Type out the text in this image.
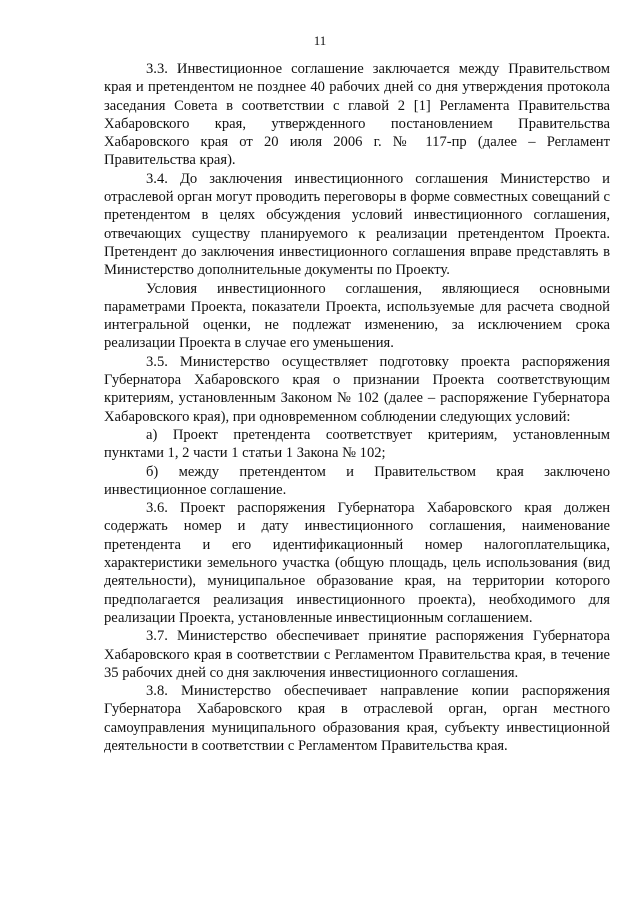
11

3.3. Инвестиционное соглашение заключается между Правительством края и претендентом не позднее 40 рабочих дней со дня утверждения протокола заседания Совета в соответствии с главой 2 [1] Регламента Правительства Хабаровского края, утвержденного постановлением Правительства Хабаровского края от 20 июля 2006 г. № 117-пр (далее – Регламент Правительства края).

3.4. До заключения инвестиционного соглашения Министерство и отраслевой орган могут проводить переговоры в форме совместных совещаний с претендентом в целях обсуждения условий инвестиционного соглашения, отвечающих существу планируемого к реализации претендентом Проекта. Претендент до заключения инвестиционного соглашения вправе представлять в Министерство дополнительные документы по Проекту.

Условия инвестиционного соглашения, являющиеся основными параметрами Проекта, показатели Проекта, используемые для расчета сводной интегральной оценки, не подлежат изменению, за исключением срока реализации Проекта в случае его уменьшения.

3.5. Министерство осуществляет подготовку проекта распоряжения Губернатора Хабаровского края о признании Проекта соответствующим критериям, установленным Законом № 102 (далее – распоряжение Губернатора Хабаровского края), при одновременном соблюдении следующих условий:

а) Проект претендента соответствует критериям, установленным пунктами 1, 2 части 1 статьи 1 Закона № 102;

б) между претендентом и Правительством края заключено инвестиционное соглашение.

3.6. Проект распоряжения Губернатора Хабаровского края должен содержать номер и дату инвестиционного соглашения, наименование претендента и его идентификационный номер налогоплательщика, характеристики земельного участка (общую площадь, цель использования (вид деятельности), муниципальное образование края, на территории которого предполагается реализация инвестиционного проекта), необходимого для реализации Проекта, установленные инвестиционным соглашением.

3.7. Министерство обеспечивает принятие распоряжения Губернатора Хабаровского края в соответствии с Регламентом Правительства края, в течение 35 рабочих дней со дня заключения инвестиционного соглашения.

3.8. Министерство обеспечивает направление копии распоряжения Губернатора Хабаровского края в отраслевой орган, орган местного самоуправления муниципального образования края, субъекту инвестиционной деятельности в соответствии с Регламентом Правительства края.
